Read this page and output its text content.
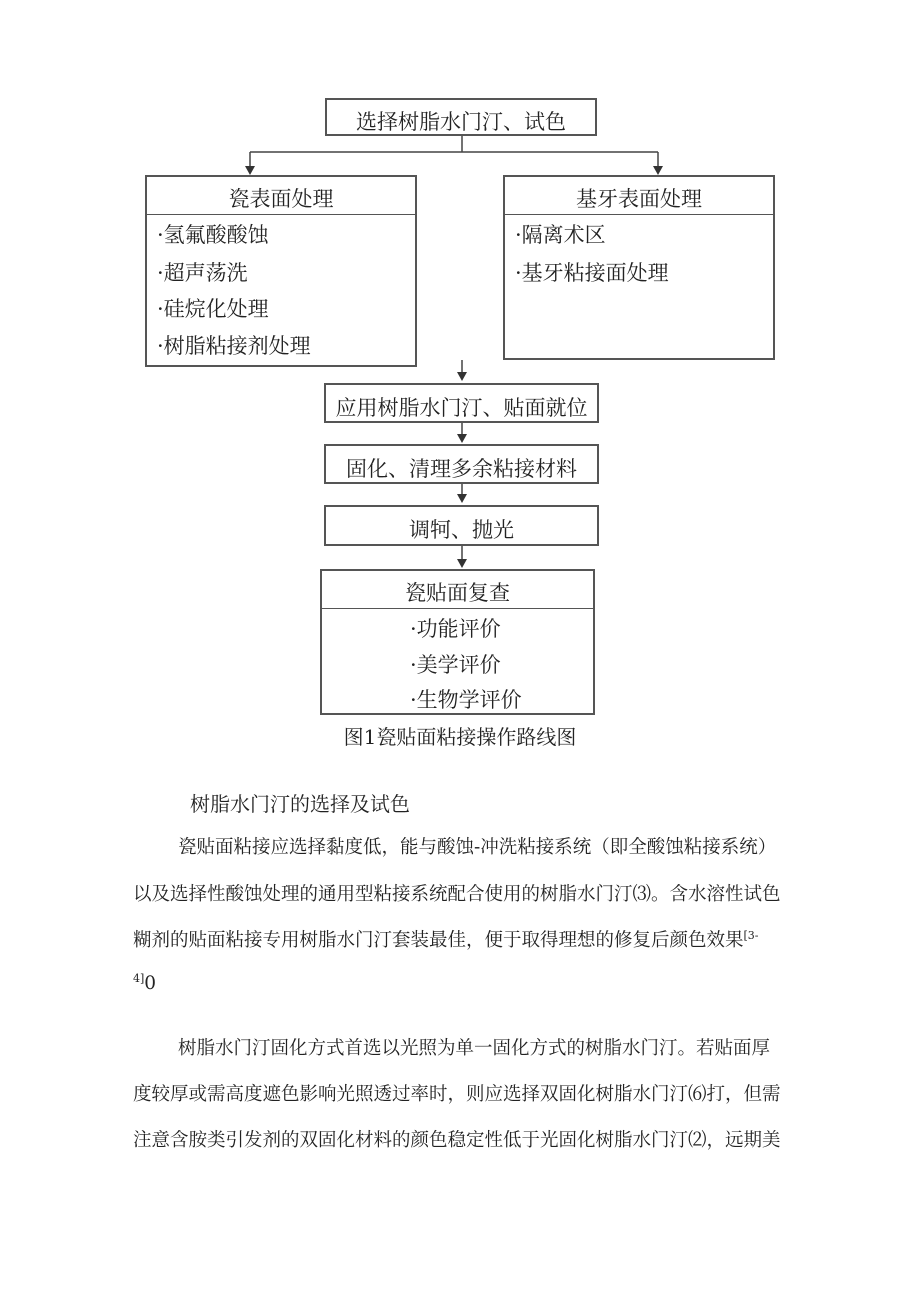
选择树脂水门汀、试色
瓷表面处理
·氢氟酸酸蚀
·超声荡洗
·硅烷化处理
·树脂粘接剂处理
基牙表面处理
·隔离术区
·基牙粘接面处理
应用树脂水门汀、贴面就位
固化、清理多余粘接材料
调牱、抛光
瓷贴面复查
·功能评价
·美学评价
·生物学评价
图1瓷贴面粘接操作路线图
树脂水门汀的选择及试色
瓷贴面粘接应选择黏度低，能与酸蚀-冲洗粘接系统（即全酸蚀粘接系统）
以及选择性酸蚀处理的通用型粘接系统配合使用的树脂水门汀⑶。含水溶性试色
糊剂的贴面粘接专用树脂水门汀套装最佳，便于取得理想的修复后颜色效果$^{[3-}$
$^{4]}$0
树脂水门汀固化方式首选以光照为单一固化方式的树脂水门汀。若贴面厚
度较厚或需高度遮色影响光照透过率时，则应选择双固化树脂水门汀⑹打，但需
注意含胺类引发剂的双固化材料的颜色稳定性低于光固化树脂水门汀⑵，远期美
